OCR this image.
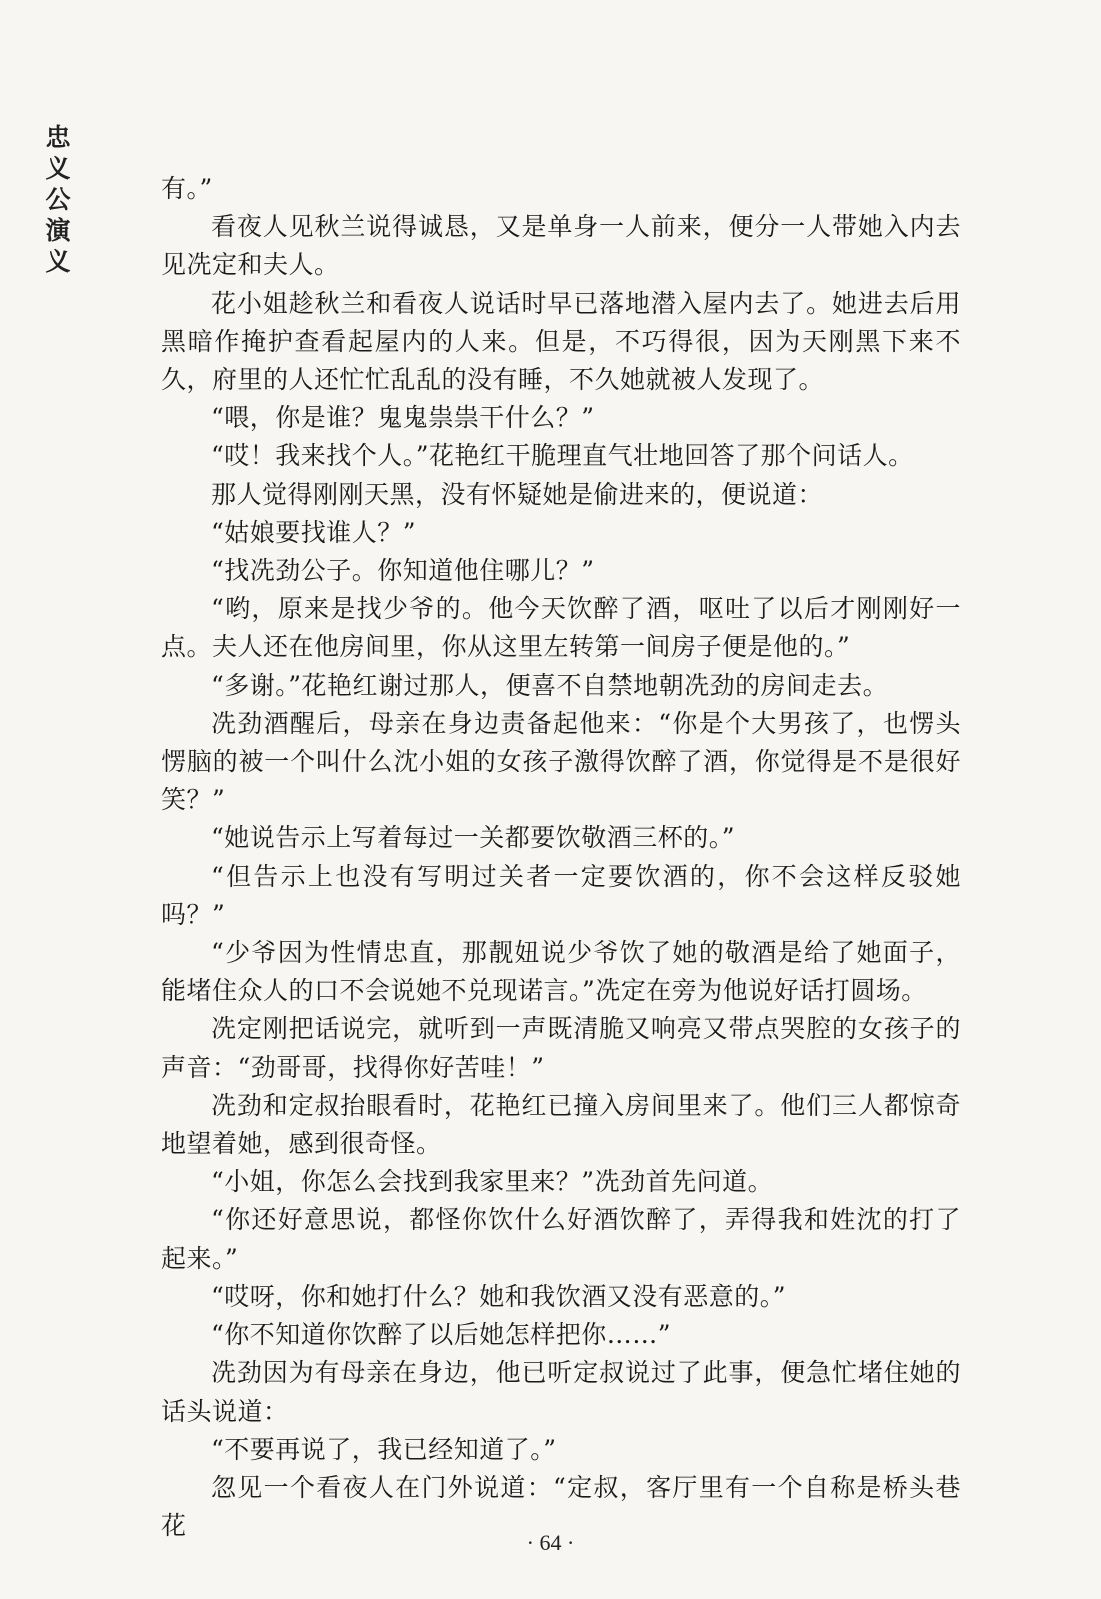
忠
义
公
演
义

有。”

看夜人见秋兰说得诚恳，又是单身一人前来，便分一人带她入内去见冼定和夫人。

花小姐趁秋兰和看夜人说话时早已落地潜入屋内去了。她进去后用黑暗作掩护查看起屋内的人来。但是，不巧得很，因为天刚黑下来不久，府里的人还忙忙乱乱的没有睡，不久她就被人发现了。

“喂，你是谁？鬼鬼祟祟干什么？”

“哎！我来找个人。”花艳红干脆理直气壮地回答了那个问话人。

那人觉得刚刚天黑，没有怀疑她是偷进来的，便说道：

“姑娘要找谁人？”

“找冼劲公子。你知道他住哪儿？”

“哟，原来是找少爷的。他今天饮醉了酒，呕吐了以后才刚刚好一点。夫人还在他房间里，你从这里左转第一间房子便是他的。”

“多谢。”花艳红谢过那人，便喜不自禁地朝冼劲的房间走去。

冼劲酒醒后，母亲在身边责备起他来：“你是个大男孩了，也愣头愣脑的被一个叫什么沈小姐的女孩子激得饮醉了酒，你觉得是不是很好笑？”

“她说告示上写着每过一关都要饮敬酒三杯的。”

“但告示上也没有写明过关者一定要饮酒的，你不会这样反驳她吗？”

“少爷因为性情忠直，那靓妞说少爷饮了她的敬酒是给了她面子，能堵住众人的口不会说她不兑现诺言。”冼定在旁为他说好话打圆场。

冼定刚把话说完，就听到一声既清脆又响亮又带点哭腔的女孩子的声音：“劲哥哥，找得你好苦哇！”

冼劲和定叔抬眼看时，花艳红已撞入房间里来了。他们三人都惊奇地望着她，感到很奇怪。

“小姐，你怎么会找到我家里来？”冼劲首先问道。

“你还好意思说，都怪你饮什么好酒饮醉了，弄得我和姓沈的打了起来。”

“哎呀，你和她打什么？她和我饮酒又没有恶意的。”

“你不知道你饮醉了以后她怎样把你……”

冼劲因为有母亲在身边，他已听定叔说过了此事，便急忙堵住她的话头说道：

“不要再说了，我已经知道了。”

忽见一个看夜人在门外说道：“定叔，客厅里有一个自称是桥头巷花

· 64 ·
